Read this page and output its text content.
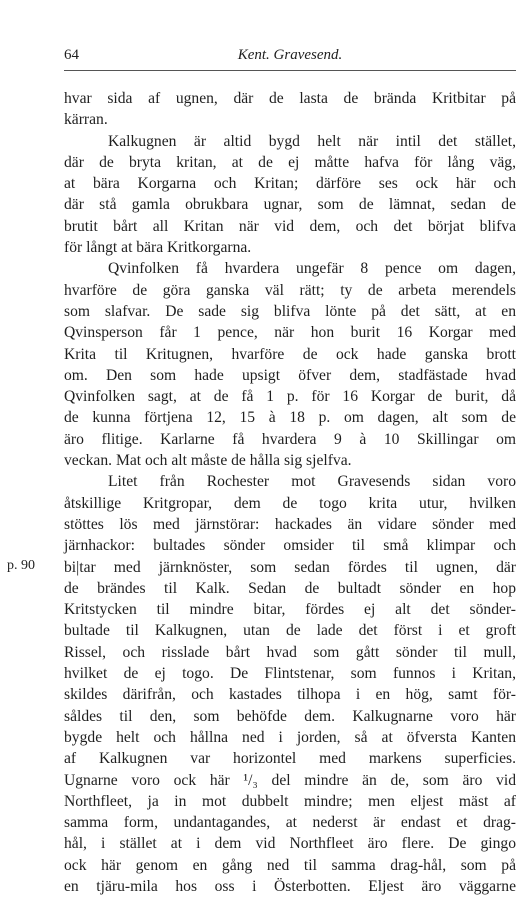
64	Kent. Gravesend.
p. 90
hvar sida af ugnen, där de lasta de brända Kritbitar på
kärran.
Kalkugnen är altid bygd helt när intil det stället,
där de bryta kritan, at de ej måtte hafva för lång väg,
at bära Korgarna och Kritan; därföre ses ock här och
där stå gamla obrukbara ugnar, som de lämnat, sedan de
brutit bårt all Kritan när vid dem, och det börjat blifva
för långt at bära Kritkorgarna.
Qvinfolken få hvardera ungefär 8 pence om dagen,
hvarföre de göra ganska väl rätt; ty de arbeta merendels
som slafvar. De sade sig blifva lönte på det sätt, at en
Qvinsperson får 1 pence, när hon burit 16 Korgar med
Krita til Kritugnen, hvarföre de ock hade ganska brott
om. Den som hade upsigt öfver dem, stadfästade hvad
Qvinfolken sagt, at de få 1 p. för 16 Korgar de burit, då
de kunna förtjena 12, 15 à 18 p. om dagen, alt som de
äro flitige. Karlarne få hvardera 9 à 10 Skillingar om
veckan. Mat och alt måste de hålla sig sjelfva.
Litet från Rochester mot Gravesends sidan voro
åtskillige Kritgropar, dem de togo krita utur, hvilken
stöttes lös med järnstörar: hackades än vidare sönder med
järnhackor: bultades sönder omsider til små klimpar och
bi|tar med järnknöster, som sedan fördes til ugnen, där
de brändes til Kalk. Sedan de bultadt sönder en hop
Kritstycken til mindre bitar, fördes ej alt det sönder-
bultade til Kalkugnen, utan de lade det först i et groft
Rissel, och risslade bårt hvad som gått sönder til mull,
hvilket de ej togo. De Flintstenar, som funnos i Kritan,
skildes därifrån, och kastades tilhopa i en hög, samt för-
såldes til den, som behöfde dem. Kalkugnarne voro här
bygde helt och hållna ned i jorden, så at öfversta Kanten
af Kalkugnen var horizontel med markens superficies.
Ugnarne voro ock här ¹/₃ del mindre än de, som äro vid
Northfleet, ja in mot dubbelt mindre; men eljest mäst af
samma form, undantagandes, at nederst är endast et drag-
hål, i stället at i dem vid Northfleet äro flere. De gingo
ock här genom en gång ned til samma drag-hål, som på
en tjäru-mila hos oss i Österbotten. Eljest äro väggarne
